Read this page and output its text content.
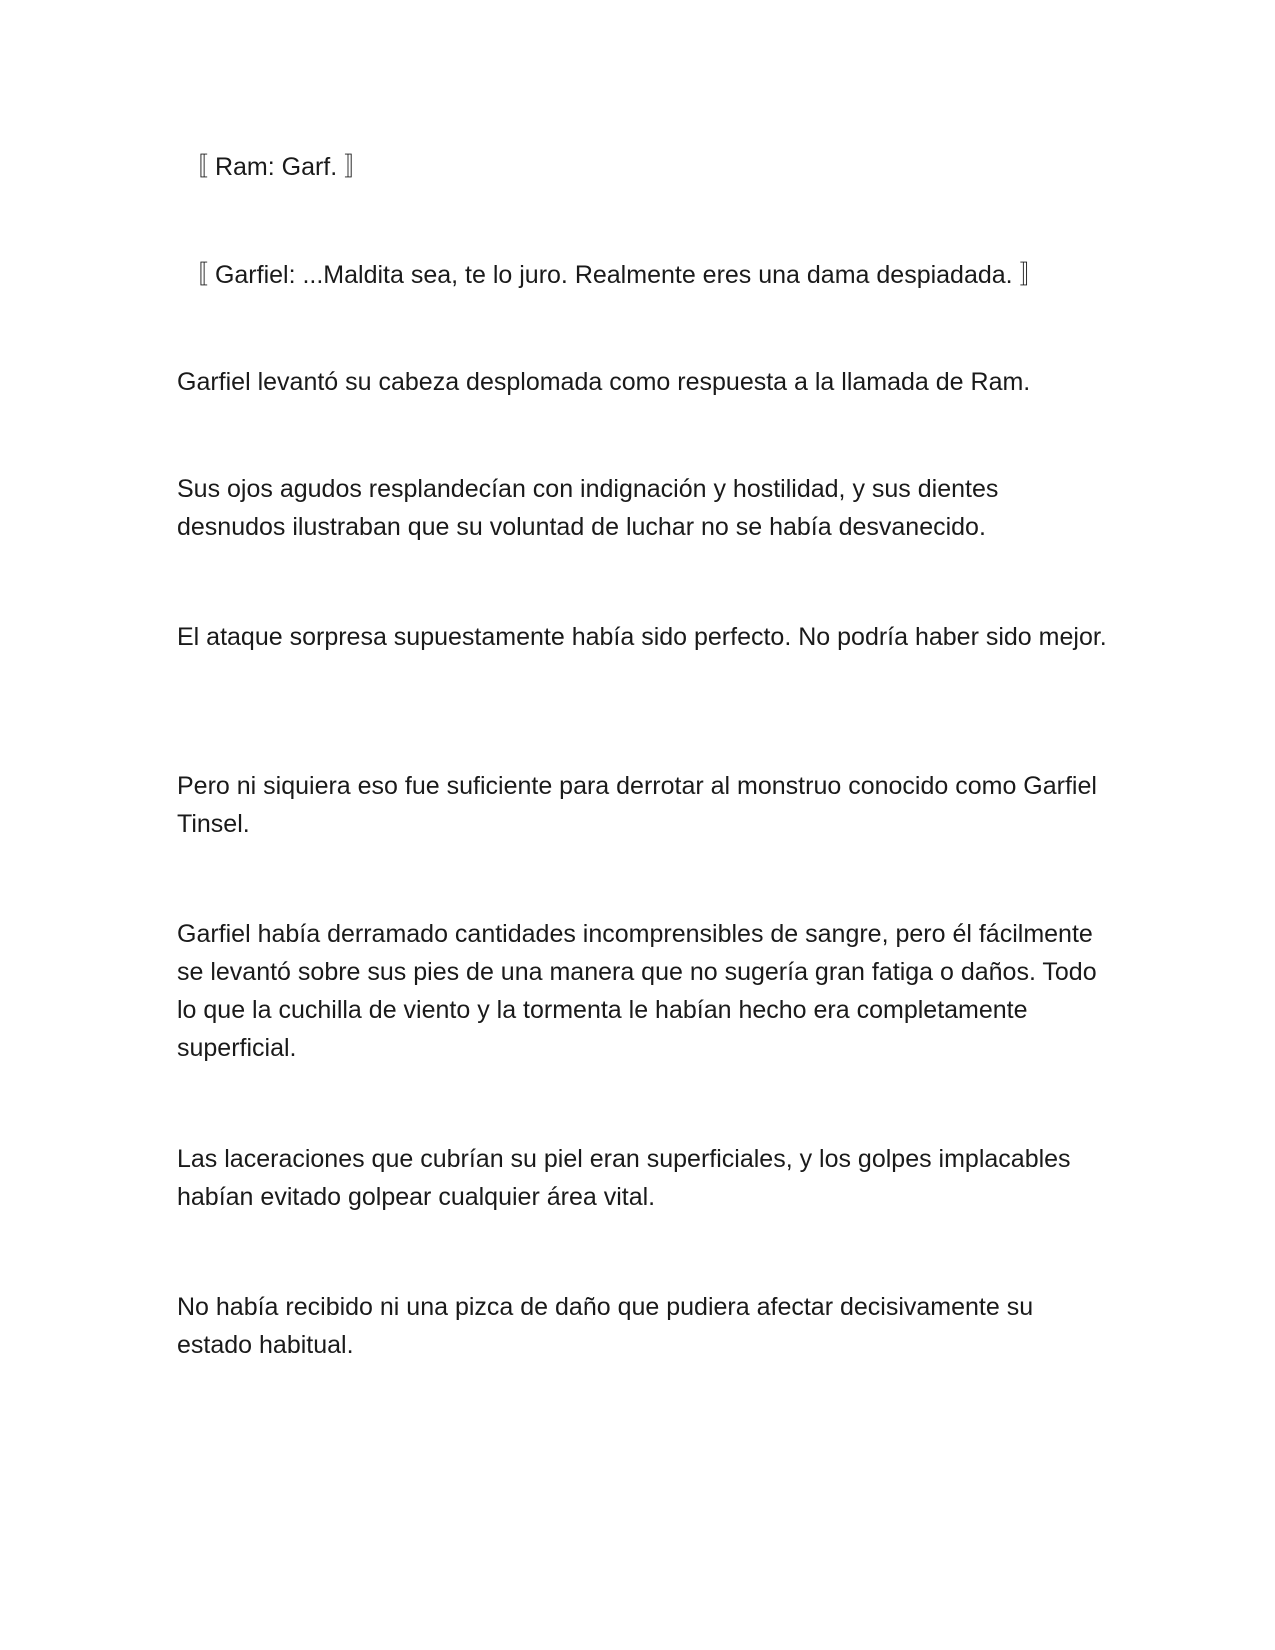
〚 Ram: Garf. 〛

〚 Garfiel: ...Maldita sea, te lo juro. Realmente eres una dama despiadada. 〛

Garfiel levantó su cabeza desplomada como respuesta a la llamada de Ram.

Sus ojos agudos resplandecían con indignación y hostilidad, y sus dientes desnudos ilustraban que su voluntad de luchar no se había desvanecido.

El ataque sorpresa supuestamente había sido perfecto. No podría haber sido mejor.

Pero ni siquiera eso fue suficiente para derrotar al monstruo conocido como Garfiel Tinsel.

Garfiel había derramado cantidades incomprensibles de sangre, pero él fácilmente se levantó sobre sus pies de una manera que no sugería gran fatiga o daños. Todo lo que la cuchilla de viento y la tormenta le habían hecho era completamente superficial.

Las laceraciones que cubrían su piel eran superficiales, y los golpes implacables habían evitado golpear cualquier área vital.

No había recibido ni una pizca de daño que pudiera afectar decisivamente su estado habitual.
